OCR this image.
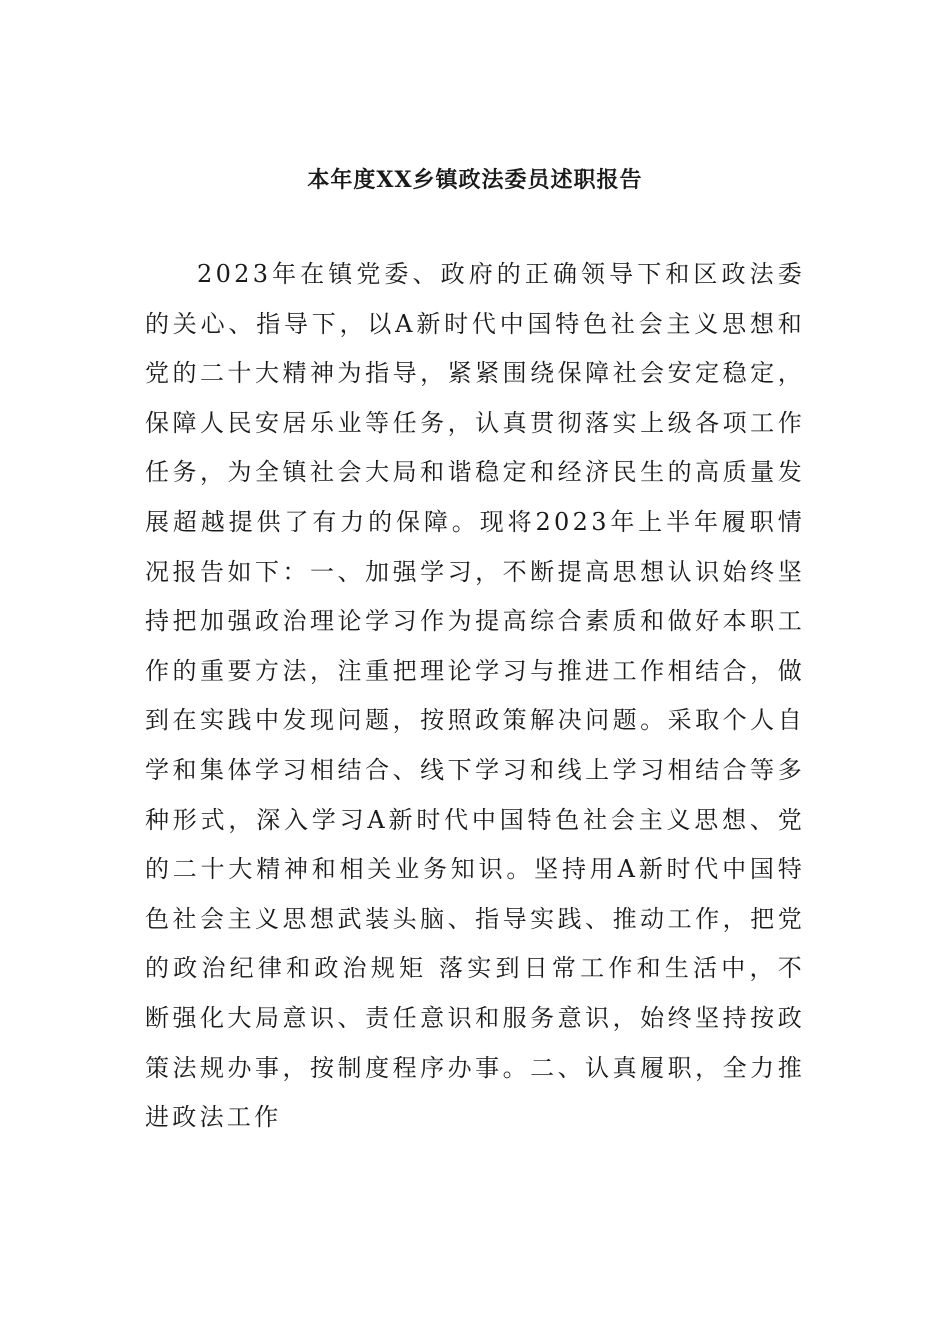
本年度XX乡镇政法委员述职报告

2023年在镇党委、政府的正确领导下和区政法委的关心、指导下，以A新时代中国特色社会主义思想和党的二十大精神为指导，紧紧围绕保障社会安定稳定，保障人民安居乐业等任务，认真贯彻落实上级各项工作任务，为全镇社会大局和谐稳定和经济民生的高质量发展超越提供了有力的保障。现将2023年上半年履职情况报告如下：一、加强学习，不断提高思想认识始终坚持把加强政治理论学习作为提高综合素质和做好本职工作的重要方法，注重把理论学习与推进工作相结合，做到在实践中发现问题，按照政策解决问题。采取个人自学和集体学习相结合、线下学习和线上学习相结合等多种形式，深入学习A新时代中国特色社会主义思想、党的二十大精神和相关业务知识。坚持用A新时代中国特色社会主义思想武装头脑、指导实践、推动工作，把党的政治纪律和政治规矩 落实到日常工作和生活中，不断强化大局意识、责任意识和服务意识，始终坚持按政策法规办事，按制度程序办事。二、认真履职，全力推进政法工作
